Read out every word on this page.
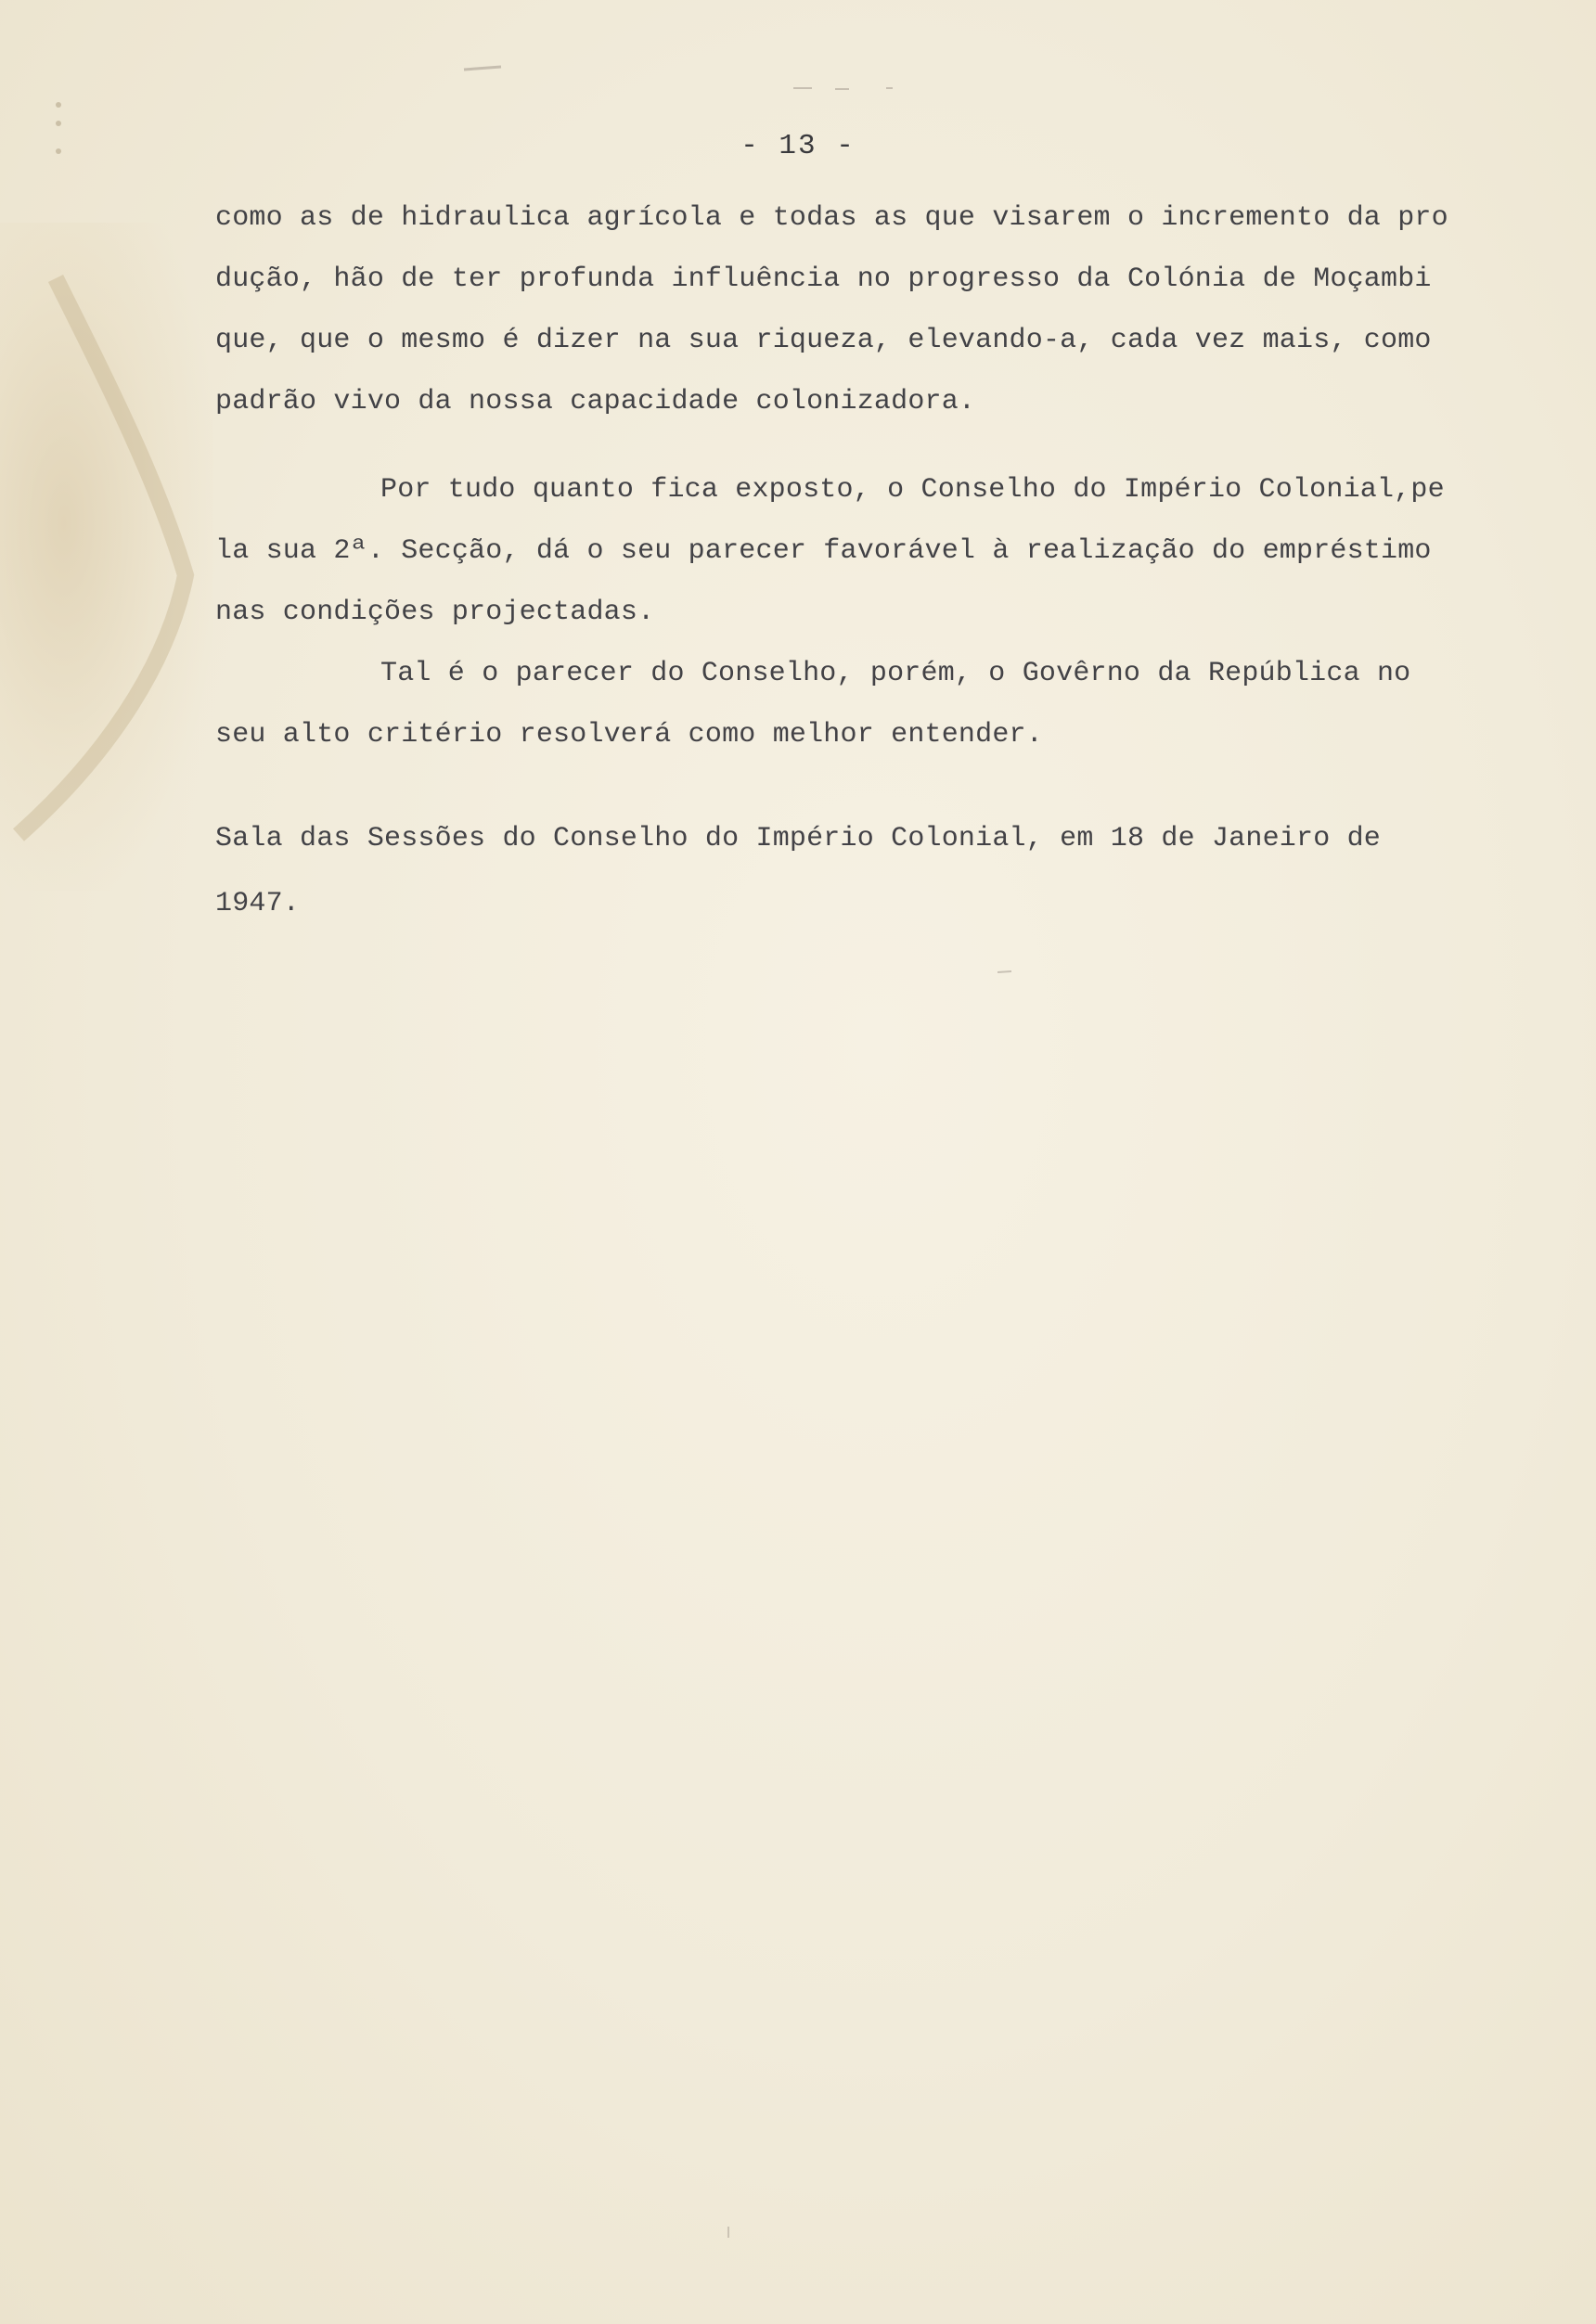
- 13 -
como as de hidraulica agrícola e todas as que visarem o incremento da pro
dução, hão de ter profunda influência no progresso da Colónia de Moçambi
que, que o mesmo é dizer na sua riqueza, elevando-a, cada vez mais, como
padrão vivo da nossa capacidade colonizadora.
Por tudo quanto fica exposto, o Conselho do Império Colonial,pe
la sua 2ª. Secção, dá o seu parecer favorável à realização do empréstimo
nas condições projectadas.
Tal é o parecer do Conselho, porém, o Govêrno da República no
seu alto critério resolverá como melhor entender.
Sala das Sessões do Conselho do Império Colonial, em 18 de Janeiro de
1947.
